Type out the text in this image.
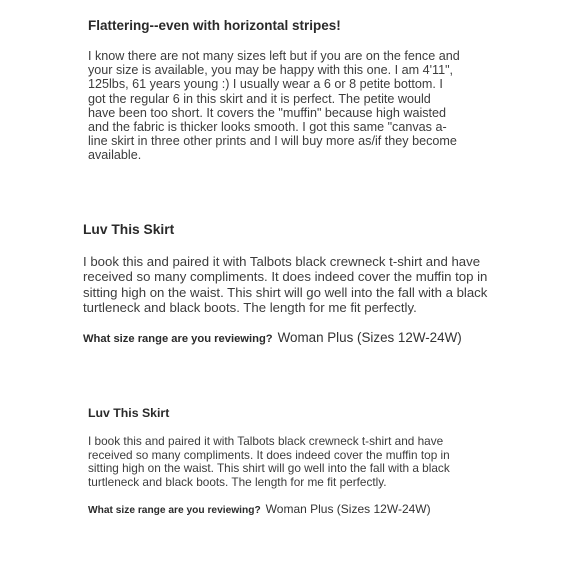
Flattering--even with horizontal stripes!

I know there are not many sizes left but if you are on the fence and your size is available, you may be happy with this one. I am 4'11", 125lbs, 61 years young :) I usually wear a 6 or 8 petite bottom. I got the regular 6 in this skirt and it is perfect. The petite would have been too short. It covers the "muffin" because high waisted and the fabric is thicker looks smooth. I got this same "canvas a-line skirt in three other prints and I will buy more as/if they become available.

Luv This Skirt

I book this and paired it with Talbots black crewneck t-shirt and have received so many compliments. It does indeed cover the muffin top in sitting high on the waist. This shirt will go well into the fall with a black turtleneck and black boots. The length for me fit perfectly.

What size range are you reviewing? Woman Plus (Sizes 12W-24W)

Luv This Skirt

I book this and paired it with Talbots black crewneck t-shirt and have received so many compliments. It does indeed cover the muffin top in sitting high on the waist. This shirt will go well into the fall with a black turtleneck and black boots. The length for me fit perfectly.

What size range are you reviewing? Woman Plus (Sizes 12W-24W)
